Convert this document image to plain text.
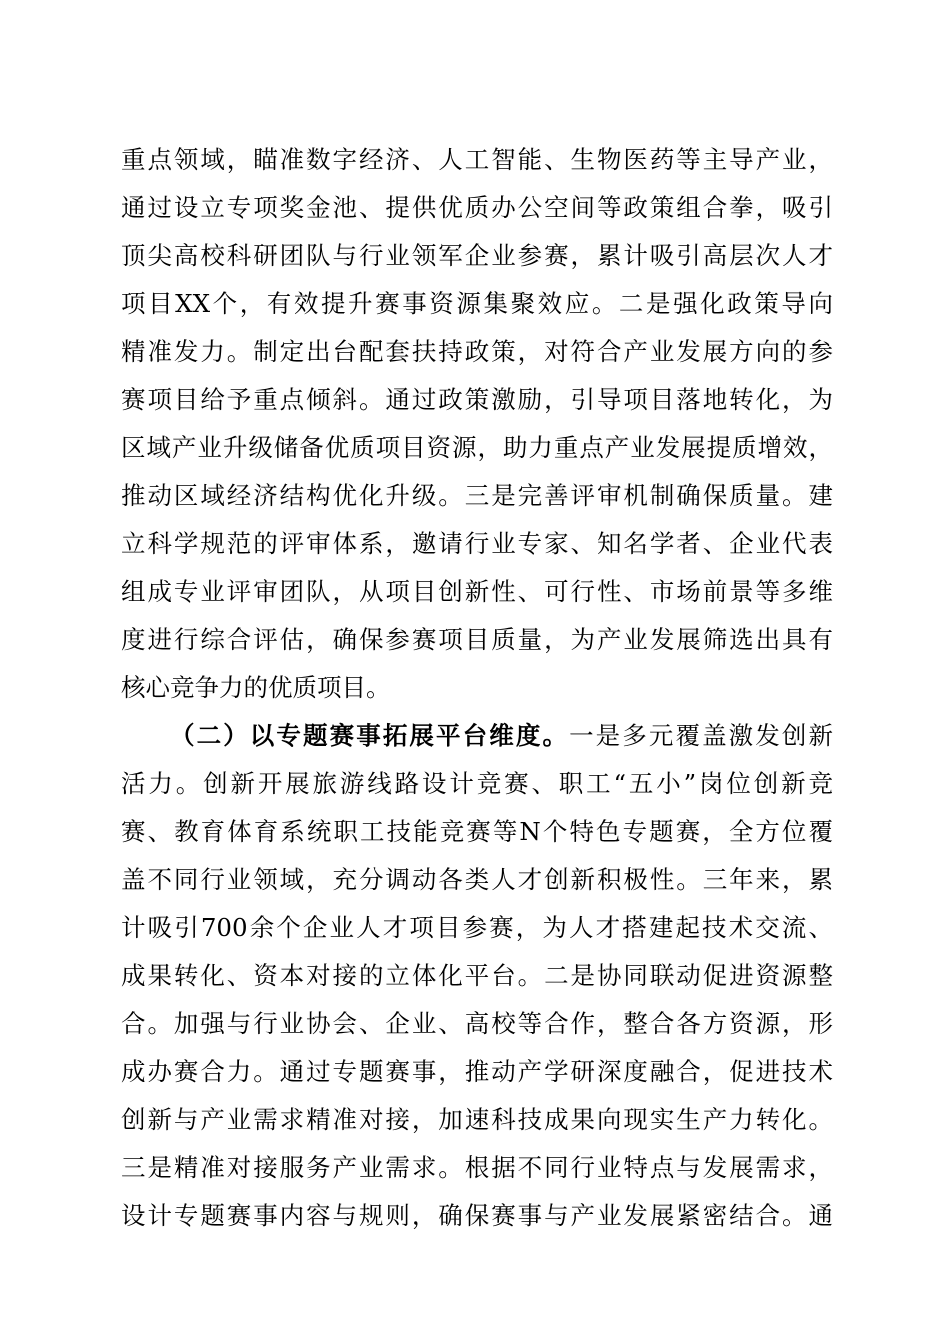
重点领域，瞄准数字经济、人工智能、生物医药等主导产业，
通过设立专项奖金池、提供优质办公空间等政策组合拳，吸引
顶尖高校科研团队与行业领军企业参赛，累计吸引高层次人才
项目XX个，有效提升赛事资源集聚效应。二是强化政策导向
精准发力。制定出台配套扶持政策，对符合产业发展方向的参
赛项目给予重点倾斜。通过政策激励，引导项目落地转化，为
区域产业升级储备优质项目资源，助力重点产业发展提质增效，
推动区域经济结构优化升级。三是完善评审机制确保质量。建
立科学规范的评审体系，邀请行业专家、知名学者、企业代表
组成专业评审团队，从项目创新性、可行性、市场前景等多维
度进行综合评估，确保参赛项目质量，为产业发展筛选出具有
核心竞争力的优质项目。
（二）以专题赛事拓展平台维度。一是多元覆盖激发创新
活力。创新开展旅游线路设计竞赛、职工“五小”岗位创新竞
赛、教育体育系统职工技能竞赛等N个特色专题赛，全方位覆
盖不同行业领域，充分调动各类人才创新积极性。三年来，累
计吸引700余个企业人才项目参赛，为人才搭建起技术交流、
成果转化、资本对接的立体化平台。二是协同联动促进资源整
合。加强与行业协会、企业、高校等合作，整合各方资源，形
成办赛合力。通过专题赛事，推动产学研深度融合，促进技术
创新与产业需求精准对接，加速科技成果向现实生产力转化。
三是精准对接服务产业需求。根据不同行业特点与发展需求，
设计专题赛事内容与规则，确保赛事与产业发展紧密结合。通
